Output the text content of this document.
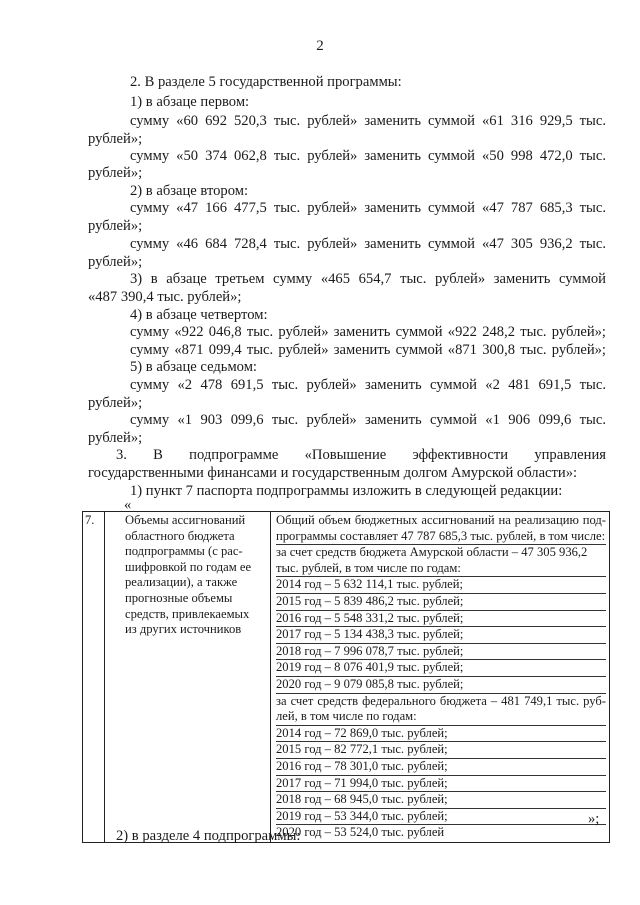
2
2. В разделе 5 государственной программы:
1) в абзаце первом:
сумму «60 692 520,3 тыс. рублей» заменить суммой «61 316 929,5 тыс.
рублей»;
сумму «50 374 062,8 тыс. рублей» заменить суммой «50 998 472,0 тыс.
рублей»;
2) в абзаце втором:
сумму «47 166 477,5 тыс. рублей» заменить суммой «47 787 685,3 тыс.
рублей»;
сумму «46 684 728,4 тыс. рублей» заменить суммой «47 305 936,2 тыс.
рублей»;
3) в абзаце третьем сумму «465 654,7 тыс. рублей» заменить суммой
«487 390,4 тыс. рублей»;
4) в абзаце четвертом:
сумму «922 046,8 тыс. рублей» заменить суммой «922 248,2 тыс. рублей»;
сумму «871 099,4 тыс. рублей» заменить суммой «871 300,8 тыс. рублей»;
5) в абзаце седьмом:
сумму «2 478 691,5 тыс. рублей» заменить суммой «2 481 691,5 тыс.
рублей»;
сумму «1 903 099,6 тыс. рублей» заменить суммой «1 906 099,6 тыс.
рублей»;
3. В подпрограмме «Повышение эффективности управления
государственными финансами и государственным долгом Амурской области»:
1) пункт 7 паспорта подпрограммы изложить в следующей редакции:
«
7.	Объемы ассигнований
областного бюджета
подпрограммы (с рас-
шифровкой по годам ее
реализации), а также
прогнозные объемы
средств, привлекаемых
из других источников

Общий объем бюджетных ассигнований на реализацию под-
программы составляет 47 787 685,3 тыс. рублей, в том числе:
за счет средств бюджета Амурской области – 47 305 936,2
тыс. рублей, в том числе по годам:
2014 год – 5 632 114,1 тыс. рублей;
2015 год – 5 839 486,2 тыс. рублей;
2016 год – 5 548 331,2 тыс. рублей;
2017 год – 5 134 438,3 тыс. рублей;
2018 год – 7 996 078,7 тыс. рублей;
2019 год – 8 076 401,9 тыс. рублей;
2020 год – 9 079 085,8 тыс. рублей;
за счет средств федерального бюджета – 481 749,1 тыс. руб-
лей, в том числе по годам:
2014 год – 72 869,0 тыс. рублей;
2015 год – 82 772,1 тыс. рублей;
2016 год – 78 301,0 тыс. рублей;
2017 год – 71 994,0 тыс. рублей;
2018 год – 68 945,0 тыс. рублей;
2019 год – 53 344,0 тыс. рублей;
2020 год – 53 524,0 тыс. рублей
»;
2) в разделе 4 подпрограммы:
